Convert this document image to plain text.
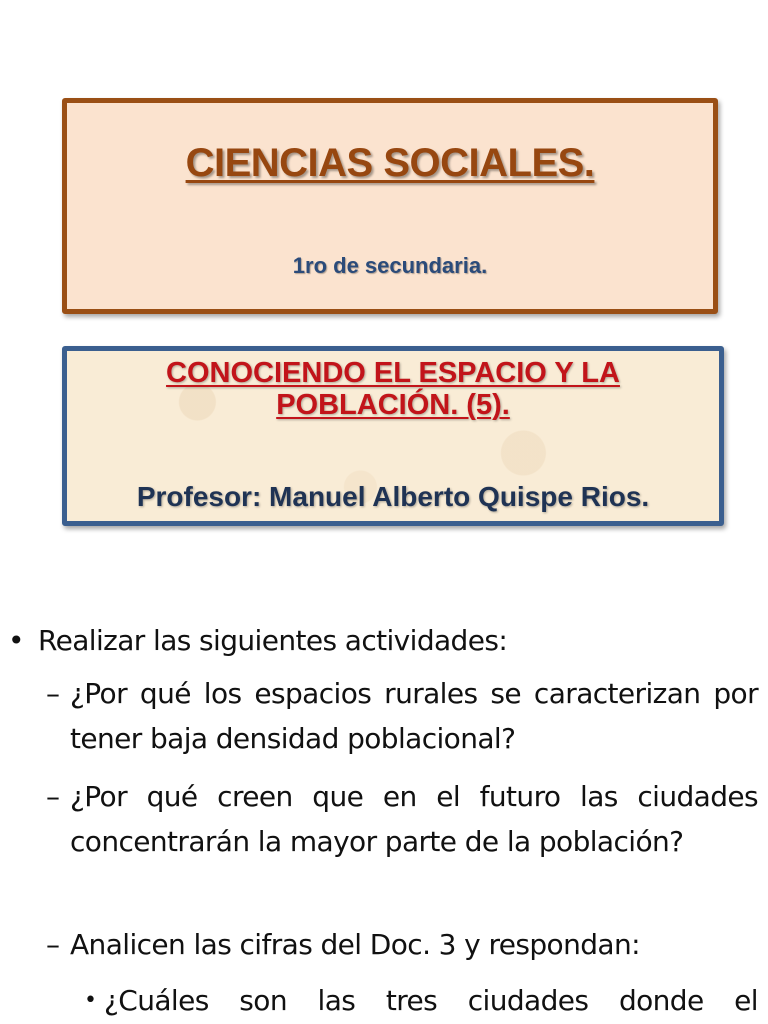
CIENCIAS SOCIALES.
1ro de secundaria.
CONOCIENDO EL ESPACIO Y LA POBLACIÓN. (5).
Profesor: Manuel Alberto Quispe Rios.
• Realizar las siguientes actividades:
– ¿Por qué los espacios rurales se caracterizan por tener baja densidad poblacional?
– ¿Por qué creen que en el futuro las ciudades concentrarán la mayor parte de la población?
– Analicen las cifras del Doc. 3 y respondan:
• ¿Cuáles son las tres ciudades donde el
